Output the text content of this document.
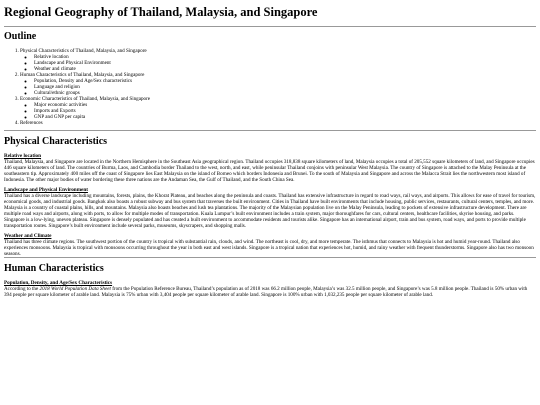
Regional Geography of Thailand, Malaysia, and Singapore
Outline
1. Physical Characteristics of Thailand, Malaysia, and Singapore
◦ Relative location
◦ Landscape and Physical Environment
◦ Weather and climate
2. Human Characteristics of Thailand, Malaysia, and Singapore
◦ Population, Density and Age/Sex characteristics
◦ Language and religion
◦ Cultural/ethnic groups
3. Economic Characteristics of Thailand, Malaysia, and Singapore
◦ Major economic activities
◦ Imports and Exports
◦ GNP and GNP per capita
4. References
Physical Characteristics
Relative location

Thailand, Malaysia, and Singapore are located in the Northern Hemisphere in the Southeast Asia geographical region. Thailand occupies 318,838 square kilometers of land, Malaysia occupies a total of 205,552 square kilometers of land, and Singapore occupies 446 square kilometers of land. The countries of Burma, Laos, and Cambodia border Thailand to the west, north, and east, while peninsular Thailand conjoins with peninsular West Malaysia. The country of Singapore is attached to the Malay Peninsula at the southeastern tip. Approximately 400 miles off the coast of Singapore lies East Malaysia on the island of Borneo which borders Indonesia and Brunei. To the south of Malaysia and Singapore and across the Malacca Strait lies the northwestern most island of Indonesia. The other major bodies of water bordering these three nations are the Andaman Sea, the Gulf of Thailand, and the South China Sea.

Landscape and Physical Environment

Thailand has a diverse landscape including mountains, forests, plains, the Khorat Plateau, and beaches along the peninsula and coasts. Thailand has extensive infrastructure in regard to road ways, rail ways, and airports. This allows for ease of travel for tourism, economical goods, and industrial goods. Bangkok also boasts a robust subway and bus system that traverses the built environment. Cities in Thailand have built environments that include housing, public services, restaurants, cultural centers, temples, and more. Malaysia is a country of coastal plains, hills, and mountains. Malaysia also boasts beaches and lush tea plantations. The majority of the Malaysian population live on the Malay Peninsula, leading to pockets of extensive infrastructure development. There are multiple road ways and airports, along with ports, to allow for multiple modes of transportation. Kuala Lumpur’s built environment includes a train system, major thoroughfares for cars, cultural centers, healthcare facilities, skyrise housing, and parks. Singapore is a low-lying, uneven plateau. Singapore is densely populated and has created a built environment to accommodate residents and tourists alike. Singapore has an international airport, train and bus system, road ways, and ports to provide multiple transportation routes. Singapore’s built environment include several parks, museums, skyscrapers, and shopping malls.

Weather and Climate

Thailand has three climate regions. The southwest portion of the country is tropical with substantial rain, clouds, and wind. The northeast is cool, dry, and more temperate. The isthmus that connects to Malaysia is hot and humid year-round. Thailand also experiences monsoons. Malaysia is tropical with monsoons occurring throughout the year in both east and west islands. Singapore is a tropical nation that experiences hot, humid, and rainy weather with frequent thunderstorms. Singapore also has two monsoon seasons.

Human Characteristics
Population, Density, and Age/Sex Characteristics

According to the 2018 World Population Data Sheet from the Population Reference Bureau, Thailand’s population as of 2018 was 66.2 million people, Malaysia’s was 32.5 million people, and Singapore’s was 5.8 million people. Thailand is 50% urban with 394 people per square kilometer of arable land. Malaysia is 75% urban with 3,404 people per square kilometer of arable land. Singapore is 100% urban with 1,032,235 people per square kilometer of arable land.
